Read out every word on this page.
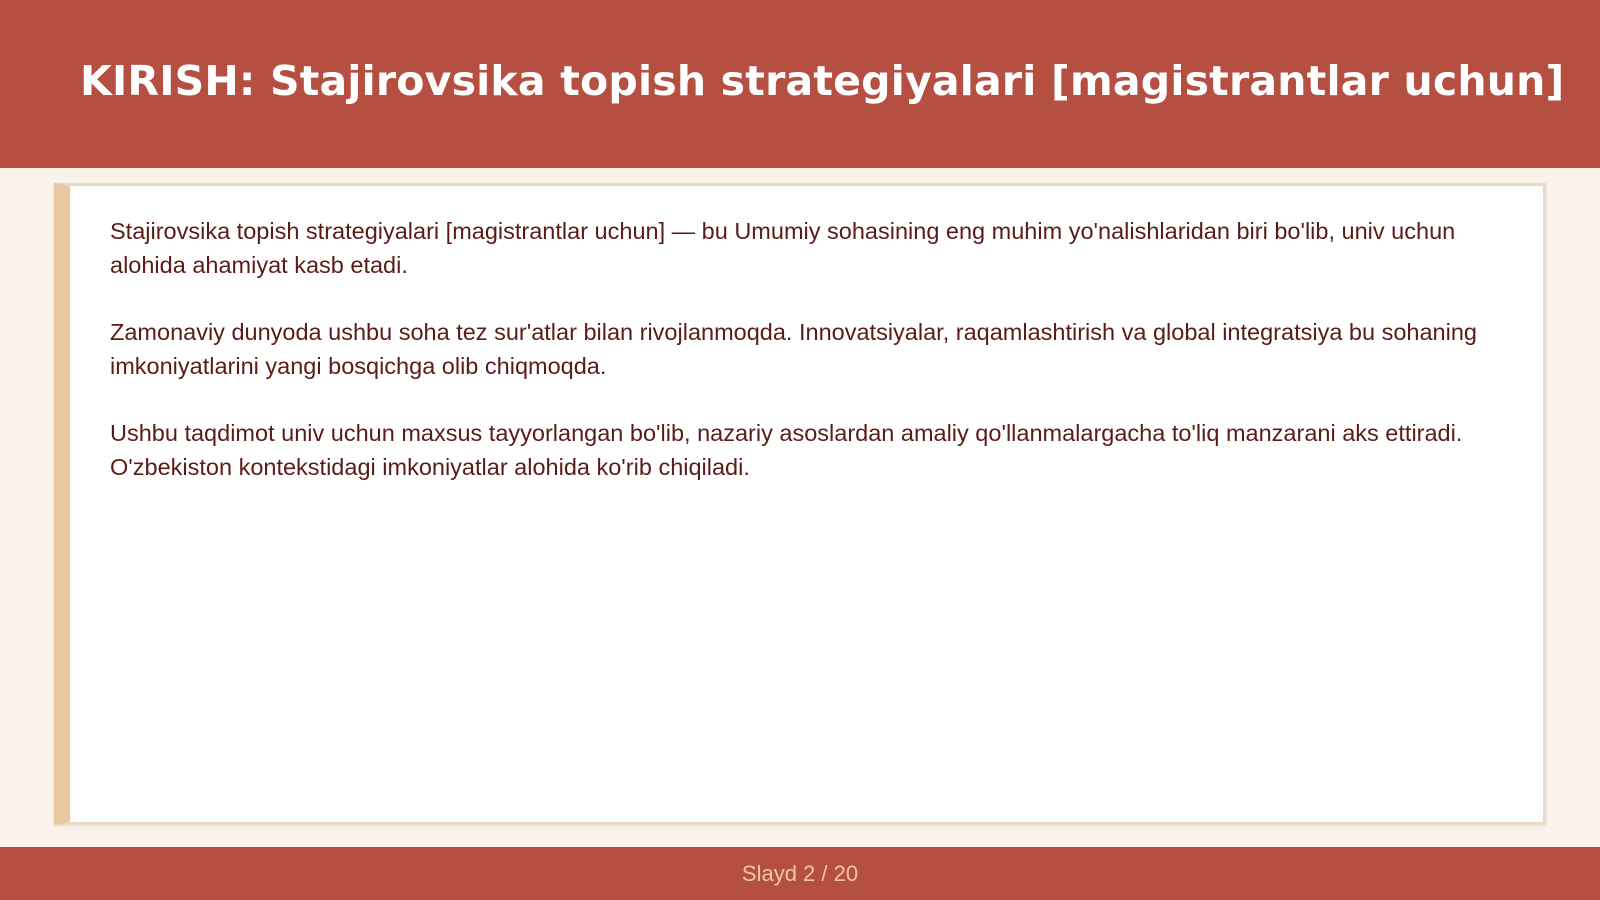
KIRISH: Stajirovsika topish strategiyalari [magistrantlar uchun]

Stajirovsika topish strategiyalari [magistrantlar uchun] — bu Umumiy sohasining eng muhim yo'nalishlaridan biri bo'lib, univ uchun alohida ahamiyat kasb etadi.

Zamonaviy dunyoda ushbu soha tez sur'atlar bilan rivojlanmoqda. Innovatsiyalar, raqamlashtirish va global integratsiya bu sohaning imkoniyatlarini yangi bosqichga olib chiqmoqda.

Ushbu taqdimot univ uchun maxsus tayyorlangan bo'lib, nazariy asoslardan amaliy qo'llanmalargacha to'liq manzarani aks ettiradi. O'zbekiston kontekstidagi imkoniyatlar alohida ko'rib chiqiladi.

Slayd 2 / 20
